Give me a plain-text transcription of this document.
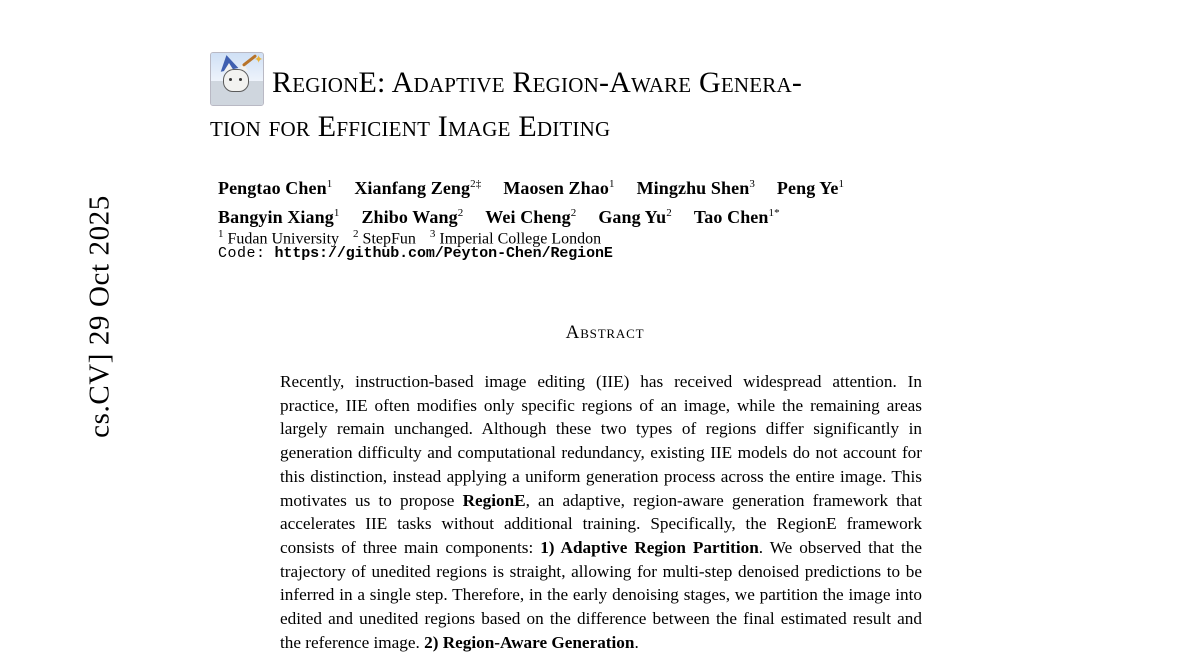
cs.CV] 29 Oct 2025
✦
RegionE: Adaptive Region-Aware Genera-
tion for Efficient Image Editing
Pengtao Chen$^1$ Xianfang Zeng$^{2\ddagger}$ Maosen Zhao$^1$ Mingzhu Shen$^3$ Peng Ye$^1$
Bangyin Xiang$^1$ Zhibo Wang$^2$ Wei Cheng$^2$ Gang Yu$^2$ Tao Chen$^{1*}$
$^1$ Fudan University $^2$ StepFun $^3$ Imperial College London
Code: https://github.com/Peyton-Chen/RegionE
Abstract
Recently, instruction-based image editing (IIE) has received widespread attention. In practice, IIE often modifies only specific regions of an image, while the remaining areas largely remain unchanged. Although these two types of regions differ significantly in generation difficulty and computational redundancy, existing IIE models do not account for this distinction, instead applying a uniform generation process across the entire image. This motivates us to propose RegionE, an adaptive, region-aware generation framework that accelerates IIE tasks without additional training. Specifically, the RegionE framework consists of three main components: 1) Adaptive Region Partition. We observed that the trajectory of unedited regions is straight, allowing for multi-step denoised predictions to be inferred in a single step. Therefore, in the early denoising stages, we partition the image into edited and unedited regions based on the difference between the final estimated result and the reference image. 2) Region-Aware Generation.
